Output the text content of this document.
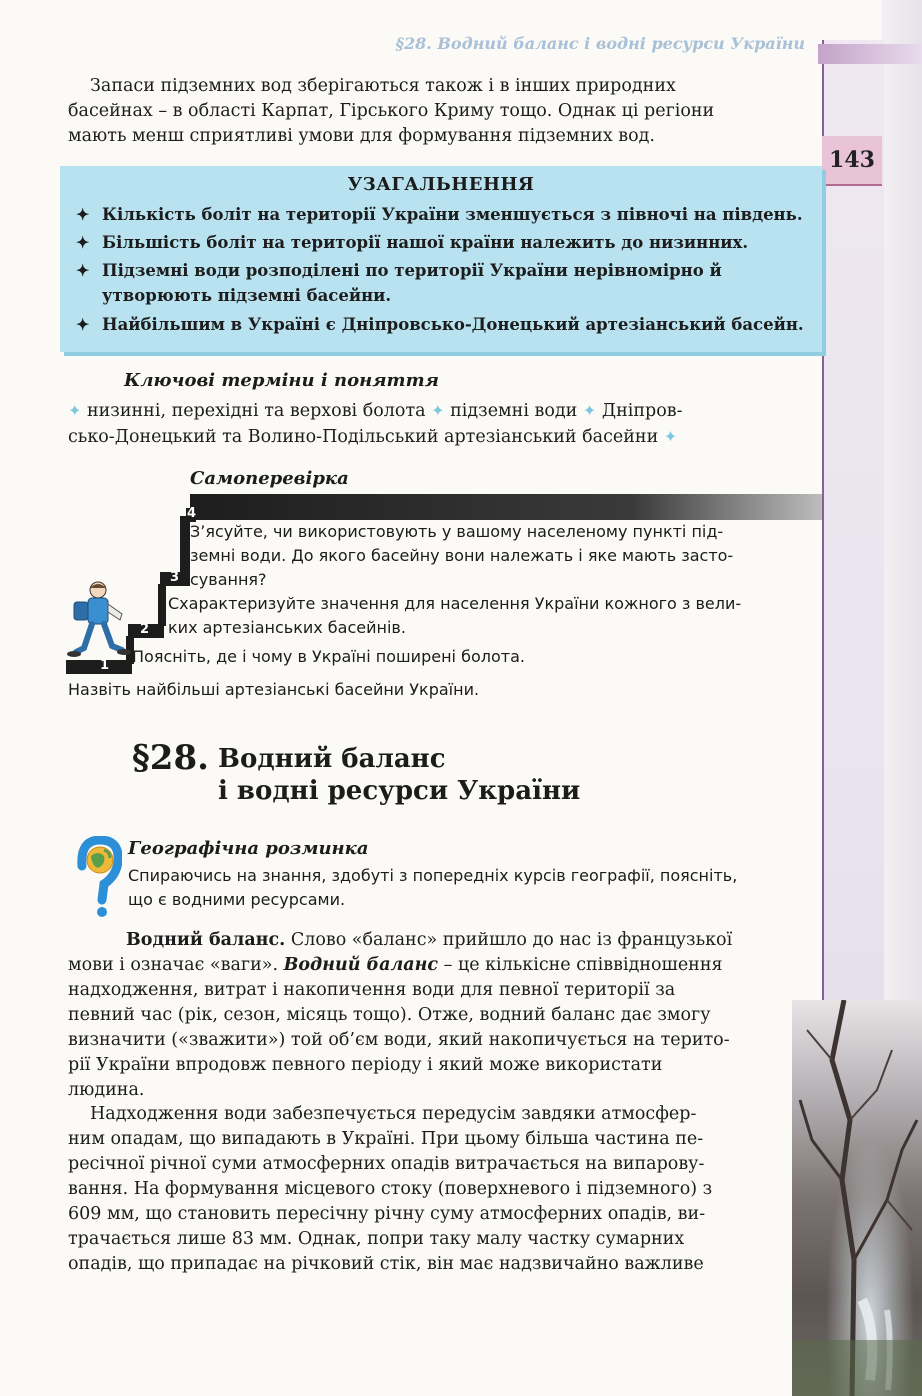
143
§28. Водний баланс і водні ресурси України
Запаси підземних вод зберігаються також і в інших природних
басейнах – в області Карпат, Гірського Криму тощо. Однак ці регіони
мають менш сприятливі умови для формування підземних вод.
УЗАГАЛЬНЕННЯ
✦ Кількість боліт на території України зменшується з півночі на південь.
✦ Більшість боліт на території нашої країни належить до низинних.
✦ Підземні води розподілені по території України нерівномірно й утворюють підземні басейни.
✦ Найбільшим в Україні є Дніпровсько-Донецький артезіанський басейн.
Ключові терміни і поняття
✦ низинні, перехідні та верхові болота ✦ підземні води ✦ Дніпров-
сько-Донецький та Волино-Подільський артезіанський басейни ✦
Самоперевірка
3
2
1
4
З’ясуйте, чи використовують у вашому населеному пункті під-
земні води. До якого басейну вони належать і яке мають засто-
сування?
Схарактеризуйте значення для населення України кожного з вели-
ких артезіанських басейнів.
Поясніть, де і чому в Україні поширені болота.
Назвіть найбільші артезіанські басейни України.
§28. Водний баланс
і водні ресурси України
Географічна розминка
Спираючись на знання, здобуті з попередніх курсів географії, поясніть,
що є водними ресурсами.
Водний баланс. Слово «баланс» прийшло до нас із французької
мови і означає «ваги». Водний баланс – це кількісне співвідношення
надходження, витрат і накопичення води для певної території за
певний час (рік, сезон, місяць тощо). Отже, водний баланс дає змогу
визначити («зважити») той об’єм води, який накопичується на терито-
рії України впродовж певного періоду і який може використати
людина.
Надходження води забезпечується передусім завдяки атмосфер-
ним опадам, що випадають в Україні. При цьому більша частина пе-
ресічної річної суми атмосферних опадів витрачається на випарову-
вання. На формування місцевого стоку (поверхневого і підземного) з
609 мм, що становить пересічну річну суму атмосферних опадів, ви-
трачається лише 83 мм. Однак, попри таку малу частку сумарних
опадів, що припадає на річковий стік, він має надзвичайно важливе
